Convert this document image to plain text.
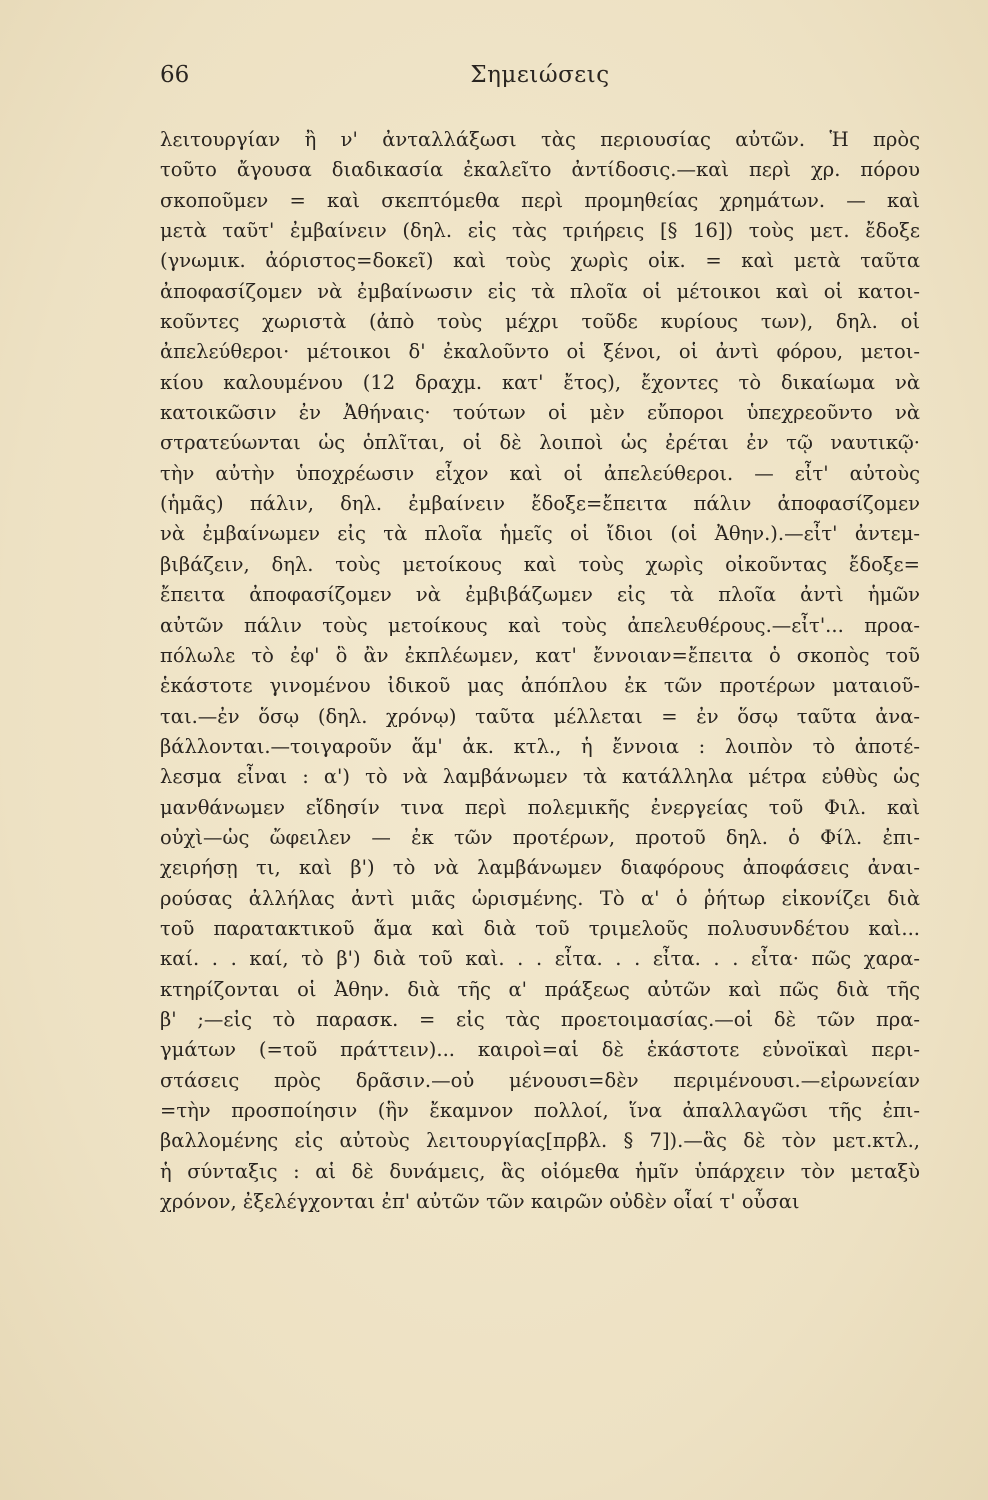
66	Σημειώσεις
λειτουργίαν ἢ ν' ἀνταλλάξωσι τὰς περιουσίας αὐτῶν. Ἡ πρὸς
τοῦτο ἄγουσα διαδικασία ἐκαλεῖτο ἀντίδοσις.—καὶ περὶ χρ. πόρου
σκοποῦμεν = καὶ σκεπτόμεθα περὶ προμηθείας χρημάτων. — καὶ
μετὰ ταῦτ' ἐμβαίνειν (δηλ. εἰς τὰς τριήρεις [§ 16]) τοὺς μετ. ἔδοξε
(γνωμικ. ἀόριστος=δοκεῖ) καὶ τοὺς χωρὶς οἰκ. = καὶ μετὰ ταῦτα
ἀποφασίζομεν νὰ ἐμβαίνωσιν εἰς τὰ πλοῖα οἱ μέτοικοι καὶ οἱ κατοι-
κοῦντες χωριστὰ (ἀπὸ τοὺς μέχρι τοῦδε κυρίους των), δηλ. οἱ
ἀπελεύθεροι· μέτοικοι δ' ἐκαλοῦντο οἱ ξένοι, οἱ ἀντὶ φόρου, μετοι-
κίου καλουμένου (12 δραχμ. κατ' ἔτος), ἔχοντες τὸ δικαίωμα νὰ
κατοικῶσιν ἐν Ἀθήναις· τούτων οἱ μὲν εὔποροι ὑπεχρεοῦντο νὰ
στρατεύωνται ὡς ὁπλῖται, οἱ δὲ λοιποὶ ὡς ἐρέται ἐν τῷ ναυτικῷ·
τὴν αὐτὴν ὑποχρέωσιν εἶχον καὶ οἱ ἀπελεύθεροι. — εἶτ' αὐτοὺς
(ἡμᾶς) πάλιν, δηλ. ἐμβαίνειν ἔδοξε=ἔπειτα πάλιν ἀποφασίζομεν
νὰ ἐμβαίνωμεν εἰς τὰ πλοῖα ἡμεῖς οἱ ἴδιοι (οἱ Ἀθην.).—εἶτ' ἀντεμ-
βιβάζειν, δηλ. τοὺς μετοίκους καὶ τοὺς χωρὶς οἰκοῦντας ἔδοξε=
ἔπειτα ἀποφασίζομεν νὰ ἐμβιβάζωμεν εἰς τὰ πλοῖα ἀντὶ ἡμῶν
αὐτῶν πάλιν τοὺς μετοίκους καὶ τοὺς ἀπελευθέρους.—εἶτ'... προα-
πόλωλε τὸ ἐφ' ὃ ἂν ἐκπλέωμεν, κατ' ἔννοιαν=ἔπειτα ὁ σκοπὸς τοῦ
ἑκάστοτε γινομένου ἰδικοῦ μας ἀπόπλου ἐκ τῶν προτέρων ματαιοῦ-
ται.—ἐν ὅσῳ (δηλ. χρόνῳ) ταῦτα μέλλεται = ἐν ὅσῳ ταῦτα ἀνα-
βάλλονται.—τοιγαροῦν ἅμ' ἀκ. κτλ., ἡ ἔννοια : λοιπὸν τὸ ἀποτέ-
λεσμα εἶναι : α') τὸ νὰ λαμβάνωμεν τὰ κατάλληλα μέτρα εὐθὺς ὡς
μανθάνωμεν εἴδησίν τινα περὶ πολεμικῆς ἐνεργείας τοῦ Φιλ. καὶ
οὐχὶ—ὡς ὤφειλεν — ἐκ τῶν προτέρων, προτοῦ δηλ. ὁ Φίλ. ἐπι-
χειρήσῃ τι, καὶ β') τὸ νὰ λαμβάνωμεν διαφόρους ἀποφάσεις ἀναι-
ρούσας ἀλλήλας ἀντὶ μιᾶς ὡρισμένης. Τὸ α' ὁ ῥήτωρ εἰκονίζει διὰ
τοῦ παρατακτικοῦ ἅμα καὶ διὰ τοῦ τριμελοῦς πολυσυνδέτου καὶ...
καί. . . καί, τὸ β') διὰ τοῦ καὶ. . . εἶτα. . . εἶτα. . . εἶτα· πῶς χαρα-
κτηρίζονται οἱ Ἀθην. διὰ τῆς α' πράξεως αὐτῶν καὶ πῶς διὰ τῆς
β' ;—εἰς τὸ παρασκ. = εἰς τὰς προετοιμασίας.—οἱ δὲ τῶν πρα-
γμάτων (=τοῦ πράττειν)... καιροὶ=αἱ δὲ ἑκάστοτε εὐνοϊκαὶ περι-
στάσεις πρὸς δρᾶσιν.—οὐ μένουσι=δὲν περιμένουσι.—εἰρωνείαν
=τὴν προσποίησιν (ἣν ἔκαμνον πολλοί, ἵνα ἀπαλλαγῶσι τῆς ἐπι-
βαλλομένης εἰς αὐτοὺς λειτουργίας[πρβλ. § 7]).—ἃς δὲ τὸν μετ.κτλ.,
ἡ σύνταξις : αἱ δὲ δυνάμεις, ἃς οἰόμεθα ἡμῖν ὑπάρχειν τὸν μεταξὺ
χρόνον, ἐξελέγχονται ἐπ' αὐτῶν τῶν καιρῶν οὐδὲν οἷαί τ' οὖσαι
